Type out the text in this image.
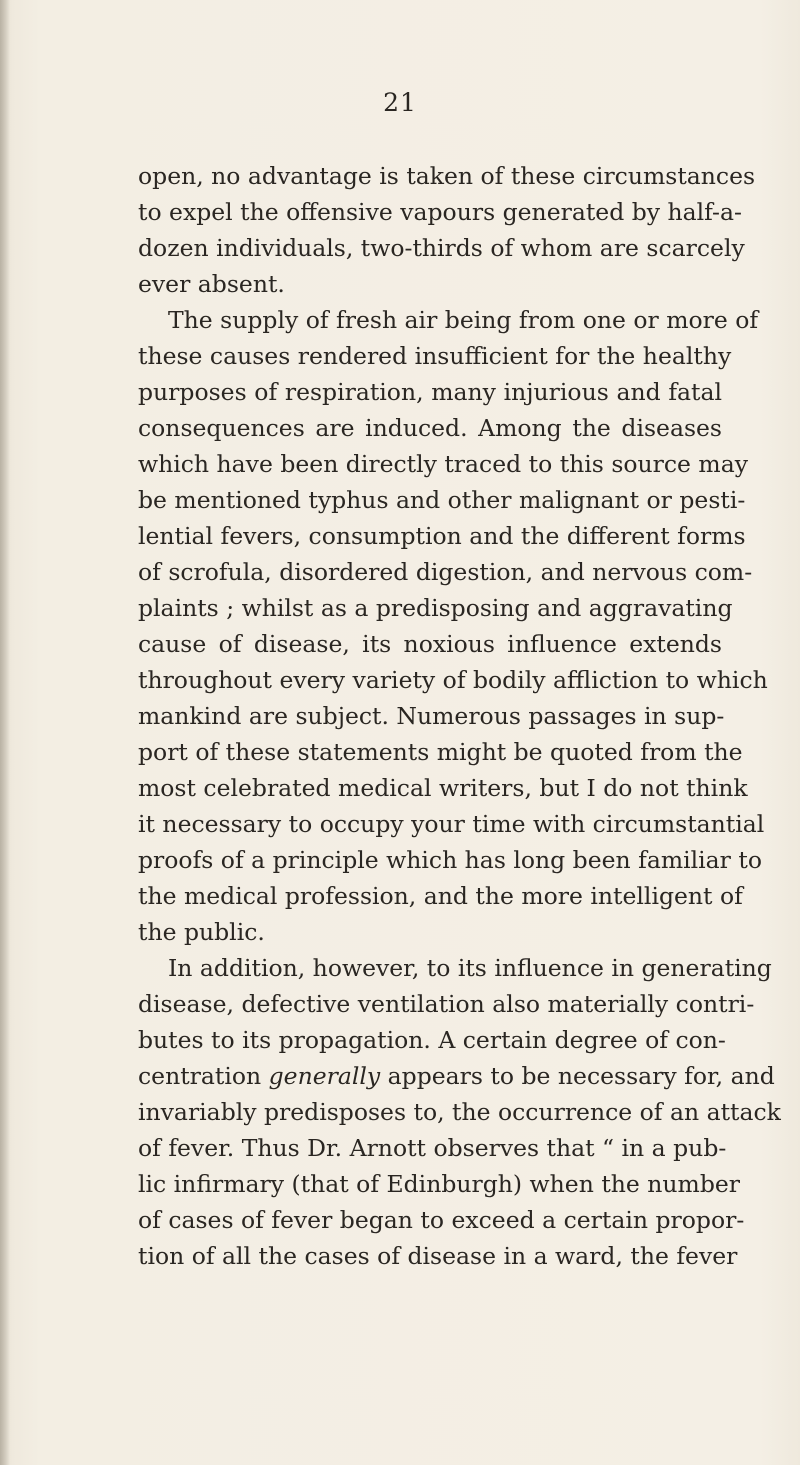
21
open, no advantage is taken of these circumstances
to expel the offensive vapours generated by half-a-
dozen individuals, two-thirds of whom are scarcely
ever absent.
The supply of fresh air being from one or more of
these causes rendered insufficient for the healthy
purposes of respiration, many injurious and fatal
consequences are induced. Among the diseases
which have been directly traced to this source may
be mentioned typhus and other malignant or pesti-
lential fevers, consumption and the different forms
of scrofula, disordered digestion, and nervous com-
plaints ; whilst as a predisposing and aggravating
cause of disease, its noxious influence extends
throughout every variety of bodily affliction to which
mankind are subject. Numerous passages in sup-
port of these statements might be quoted from the
most celebrated medical writers, but I do not think
it necessary to occupy your time with circumstantial
proofs of a principle which has long been familiar to
the medical profession, and the more intelligent of
the public.
In addition, however, to its influence in generating
disease, defective ventilation also materially contri-
butes to its propagation. A certain degree of con-
centration generally appears to be necessary for, and
invariably predisposes to, the occurrence of an attack
of fever. Thus Dr. Arnott observes that “ in a pub-
lic infirmary (that of Edinburgh) when the number
of cases of fever began to exceed a certain propor-
tion of all the cases of disease in a ward, the fever
